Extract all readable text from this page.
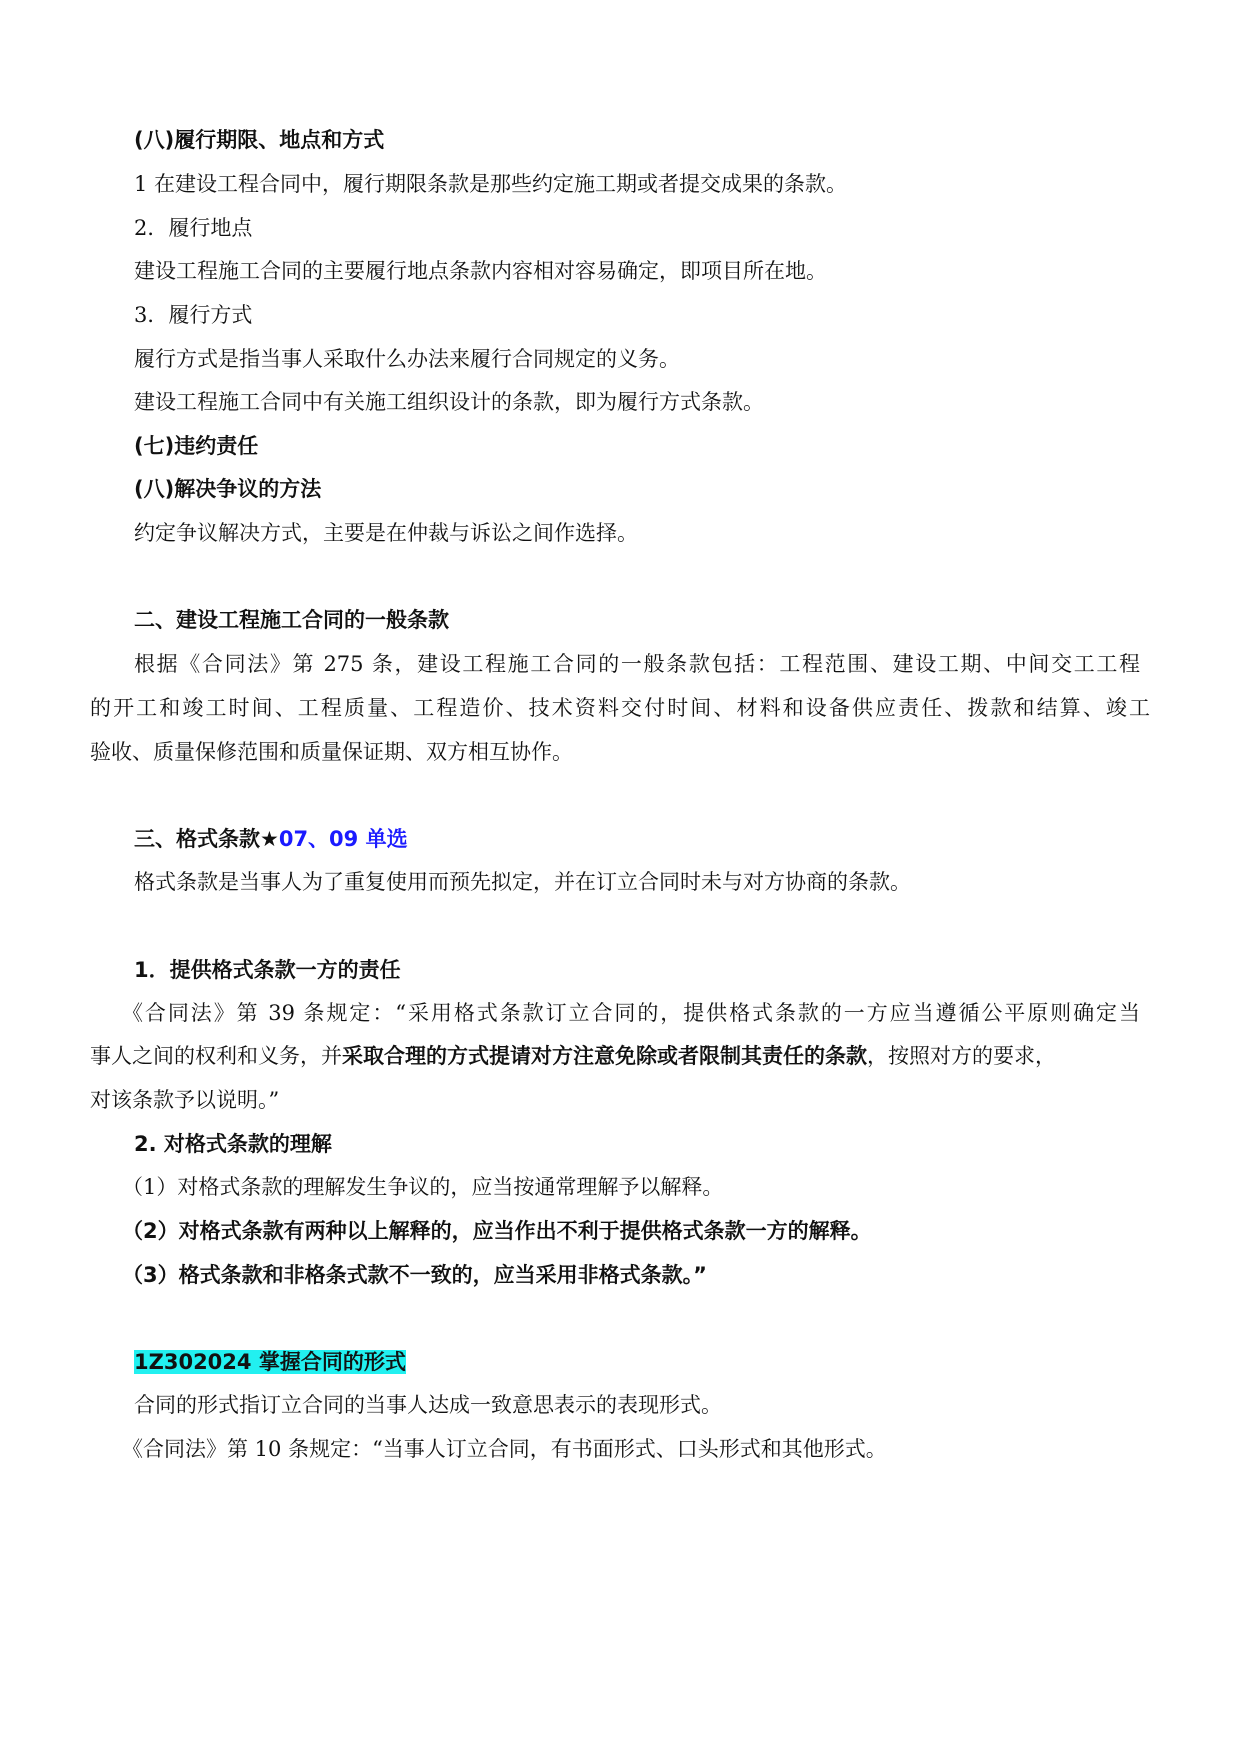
(八)履行期限、地点和方式
1 在建设工程合同中，履行期限条款是那些约定施工期或者提交成果的条款。
2．履行地点
建设工程施工合同的主要履行地点条款内容相对容易确定，即项目所在地。
3．履行方式
履行方式是指当事人采取什么办法来履行合同规定的义务。
建设工程施工合同中有关施工组织设计的条款，即为履行方式条款。
(七)违约责任
(八)解决争议的方法
约定争议解决方式，主要是在仲裁与诉讼之间作选择。
二、建设工程施工合同的一般条款
根据《合同法》第 275 条，建设工程施工合同的一般条款包括：工程范围、建设工期、中间交工工程
的开工和竣工时间、工程质量、工程造价、技术资料交付时间、材料和设备供应责任、拨款和结算、竣工
验收、质量保修范围和质量保证期、双方相互协作。
三、格式条款★07、09 单选
格式条款是当事人为了重复使用而预先拟定，并在订立合同时未与对方协商的条款。
1．提供格式条款一方的责任
《合同法》第 39 条规定：“采用格式条款订立合同的，提供格式条款的一方应当遵循公平原则确定当
事人之间的权利和义务，并采取合理的方式提请对方注意免除或者限制其责任的条款，按照对方的要求，
对该条款予以说明。”
2. 对格式条款的理解
（1）对格式条款的理解发生争议的，应当按通常理解予以解释。
（2）对格式条款有两种以上解释的，应当作出不利于提供格式条款一方的解释。
（3）格式条款和非格条式款不一致的，应当采用非格式条款。”
1Z302024 掌握合同的形式
合同的形式指订立合同的当事人达成一致意思表示的表现形式。
《合同法》第 10 条规定：“当事人订立合同，有书面形式、口头形式和其他形式。
